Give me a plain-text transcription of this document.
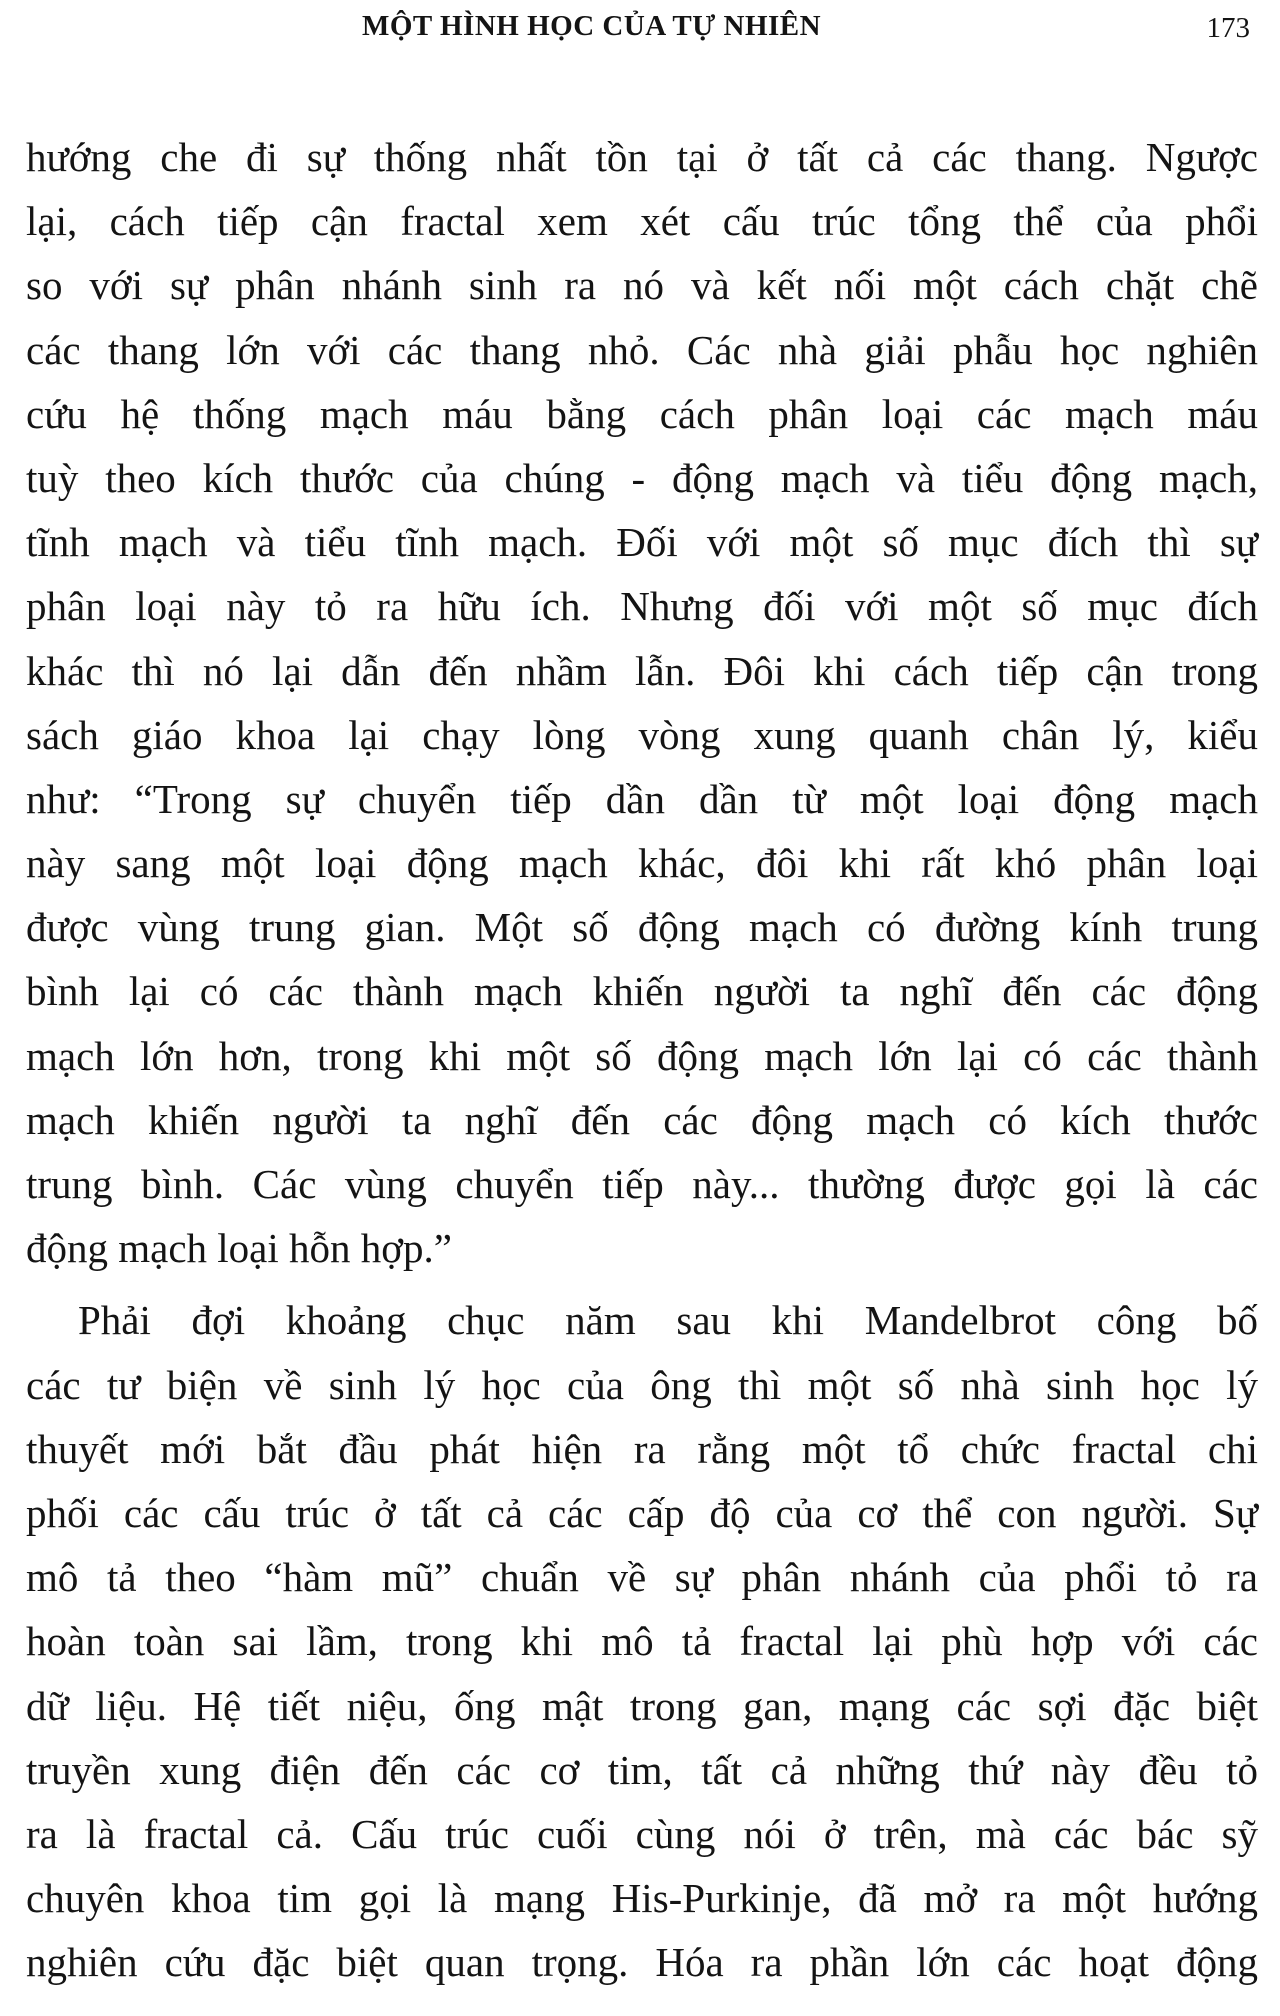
MỘT HÌNH HỌC CỦA TỰ NHIÊN	173
hướng che đi sự thống nhất tồn tại ở tất cả các thang. Ngược
lại, cách tiếp cận fractal xem xét cấu trúc tổng thể của phổi
so với sự phân nhánh sinh ra nó và kết nối một cách chặt chẽ
các thang lớn với các thang nhỏ. Các nhà giải phẫu học nghiên
cứu hệ thống mạch máu bằng cách phân loại các mạch máu
tuỳ theo kích thước của chúng - động mạch và tiểu động mạch,
tĩnh mạch và tiểu tĩnh mạch. Đối với một số mục đích thì sự
phân loại này tỏ ra hữu ích. Nhưng đối với một số mục đích
khác thì nó lại dẫn đến nhầm lẫn. Đôi khi cách tiếp cận trong
sách giáo khoa lại chạy lòng vòng xung quanh chân lý, kiểu
như: “Trong sự chuyển tiếp dần dần từ một loại động mạch
này sang một loại động mạch khác, đôi khi rất khó phân loại
được vùng trung gian. Một số động mạch có đường kính trung
bình lại có các thành mạch khiến người ta nghĩ đến các động
mạch lớn hơn, trong khi một số động mạch lớn lại có các thành
mạch khiến người ta nghĩ đến các động mạch có kích thước
trung bình. Các vùng chuyển tiếp này... thường được gọi là các
động mạch loại hỗn hợp.”
Phải đợi khoảng chục năm sau khi Mandelbrot công bố
các tư biện về sinh lý học của ông thì một số nhà sinh học lý
thuyết mới bắt đầu phát hiện ra rằng một tổ chức fractal chi
phối các cấu trúc ở tất cả các cấp độ của cơ thể con người. Sự
mô tả theo “hàm mũ” chuẩn về sự phân nhánh của phổi tỏ ra
hoàn toàn sai lầm, trong khi mô tả fractal lại phù hợp với các
dữ liệu. Hệ tiết niệu, ống mật trong gan, mạng các sợi đặc biệt
truyền xung điện đến các cơ tim, tất cả những thứ này đều tỏ
ra là fractal cả. Cấu trúc cuối cùng nói ở trên, mà các bác sỹ
chuyên khoa tim gọi là mạng His-Purkinje, đã mở ra một hướng
nghiên cứu đặc biệt quan trọng. Hóa ra phần lớn các hoạt động
